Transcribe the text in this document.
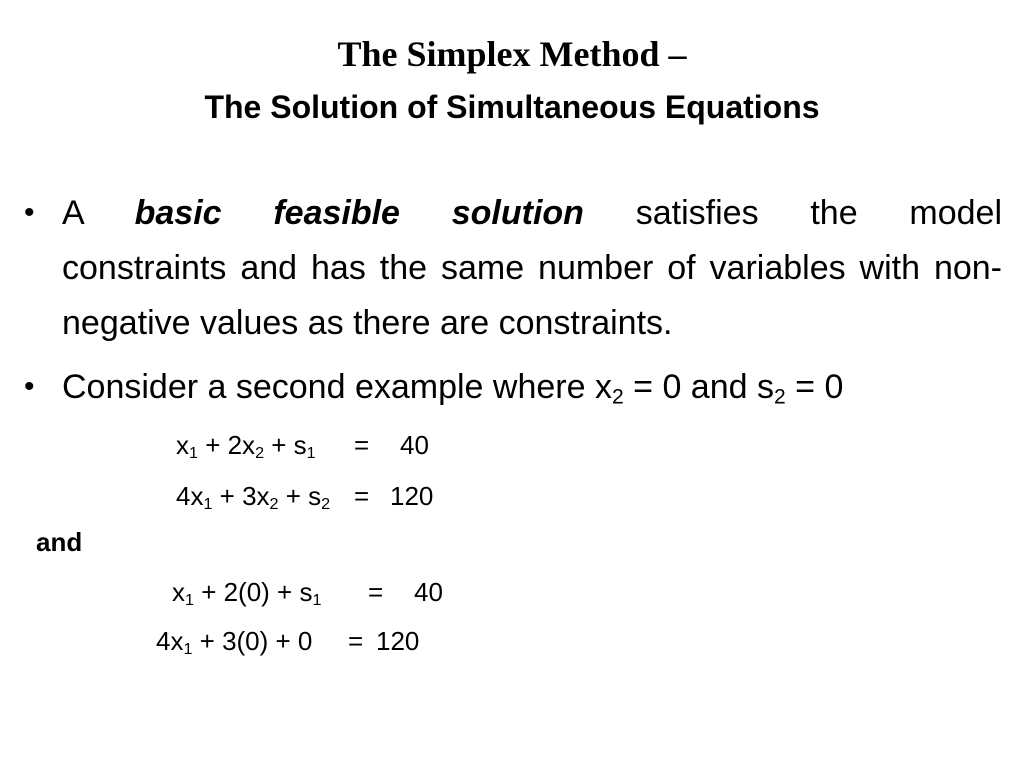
The Simplex Method –
The Solution of Simultaneous Equations
• A basic feasible solution satisfies the model
constraints and has the same number of variables with non-negative values as there are constraints.
• Consider a second example where $x_2 = 0$ and $s_2 = 0$
$x_1 + 2x_2 + s_1 = 40$
$4x_1 + 3x_2 + s_2 = 120$
and
$x_1 + 2(0) + s_1 = 40$
$4x_1 + 3(0) + 0 = 120$
